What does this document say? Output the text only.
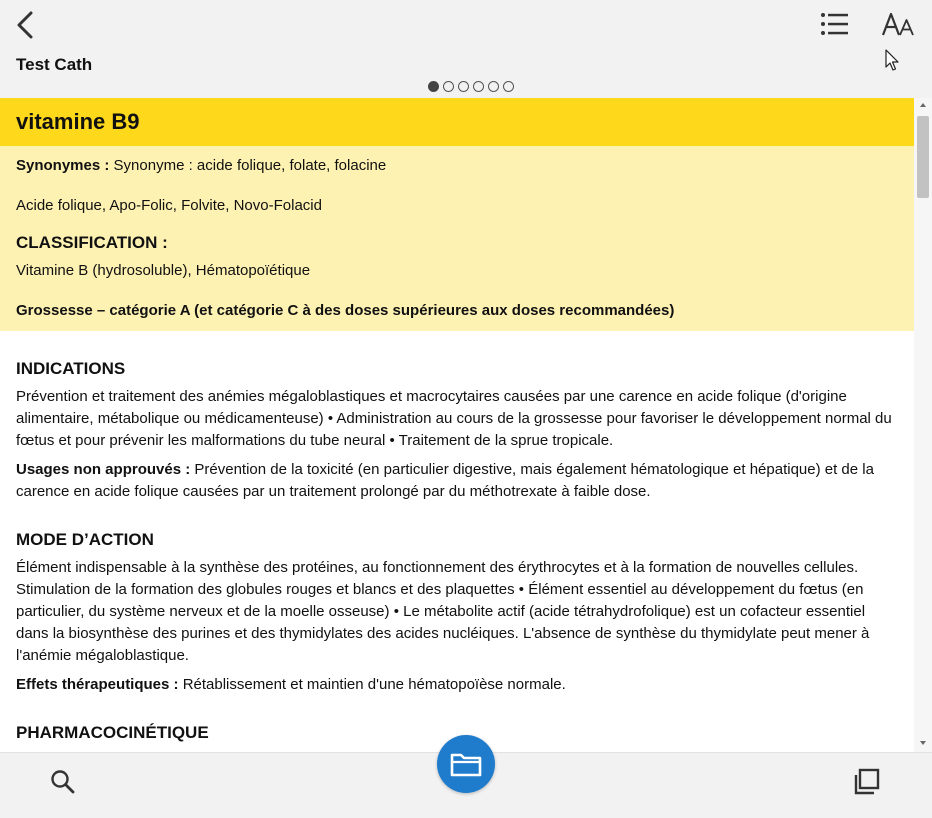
Test Cath
vitamine B9

Synonymes : Synonyme : acide folique, folate, folacine

Acide folique, Apo-Folic, Folvite, Novo-Folacid

CLASSIFICATION :

Vitamine B (hydrosoluble), Hématopoïétique

Grossesse – catégorie A (et catégorie C à des doses supérieures aux doses recommandées)

INDICATIONS

Prévention et traitement des anémies mégaloblastiques et macrocytaires causées par une carence en acide folique (d'origine alimentaire, métabolique ou médicamenteuse) • Administration au cours de la grossesse pour favoriser le développement normal du fœtus et pour prévenir les malformations du tube neural • Traitement de la sprue tropicale.

Usages non approuvés : Prévention de la toxicité (en particulier digestive, mais également hématologique et hépatique) et de la carence en acide folique causées par un traitement prolongé par du méthotrexate à faible dose.

MODE D’ACTION

Élément indispensable à la synthèse des protéines, au fonctionnement des érythrocytes et à la formation de nouvelles cellules. Stimulation de la formation des globules rouges et blancs et des plaquettes • Élément essentiel au développement du fœtus (en particulier, du système nerveux et de la moelle osseuse) • Le métabolite actif (acide tétrahydrofolique) est un cofacteur essentiel dans la biosynthèse des purines et des thymidylates des acides nucléiques. L'absence de synthèse du thymidylate peut mener à l'anémie mégaloblastique.

Effets thérapeutiques : Rétablissement et maintien d'une hématopoïèse normale.

PHARMACOCINÉTIQUE
